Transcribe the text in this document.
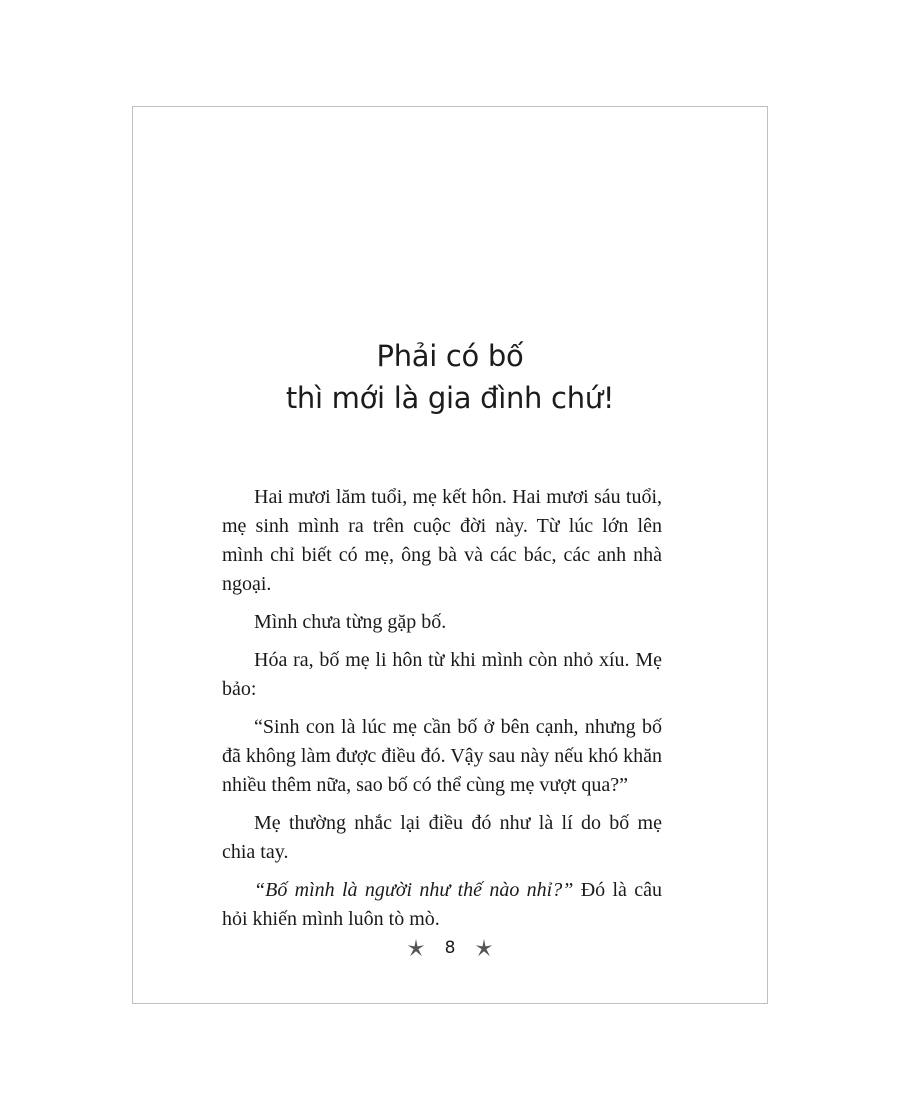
Phải có bố
thì mới là gia đình chứ!

Hai mươi lăm tuổi, mẹ kết hôn. Hai mươi sáu tuổi, mẹ sinh mình ra trên cuộc đời này. Từ lúc lớn lên mình chỉ biết có mẹ, ông bà và các bác, các anh nhà ngoại.

Mình chưa từng gặp bố.

Hóa ra, bố mẹ li hôn từ khi mình còn nhỏ xíu. Mẹ bảo:

“Sinh con là lúc mẹ cần bố ở bên cạnh, nhưng bố đã không làm được điều đó. Vậy sau này nếu khó khăn nhiều thêm nữa, sao bố có thể cùng mẹ vượt qua?”

Mẹ thường nhắc lại điều đó như là lí do bố mẹ chia tay.

“Bố mình là người như thế nào nhỉ?” Đó là câu hỏi khiến mình luôn tò mò.

8
